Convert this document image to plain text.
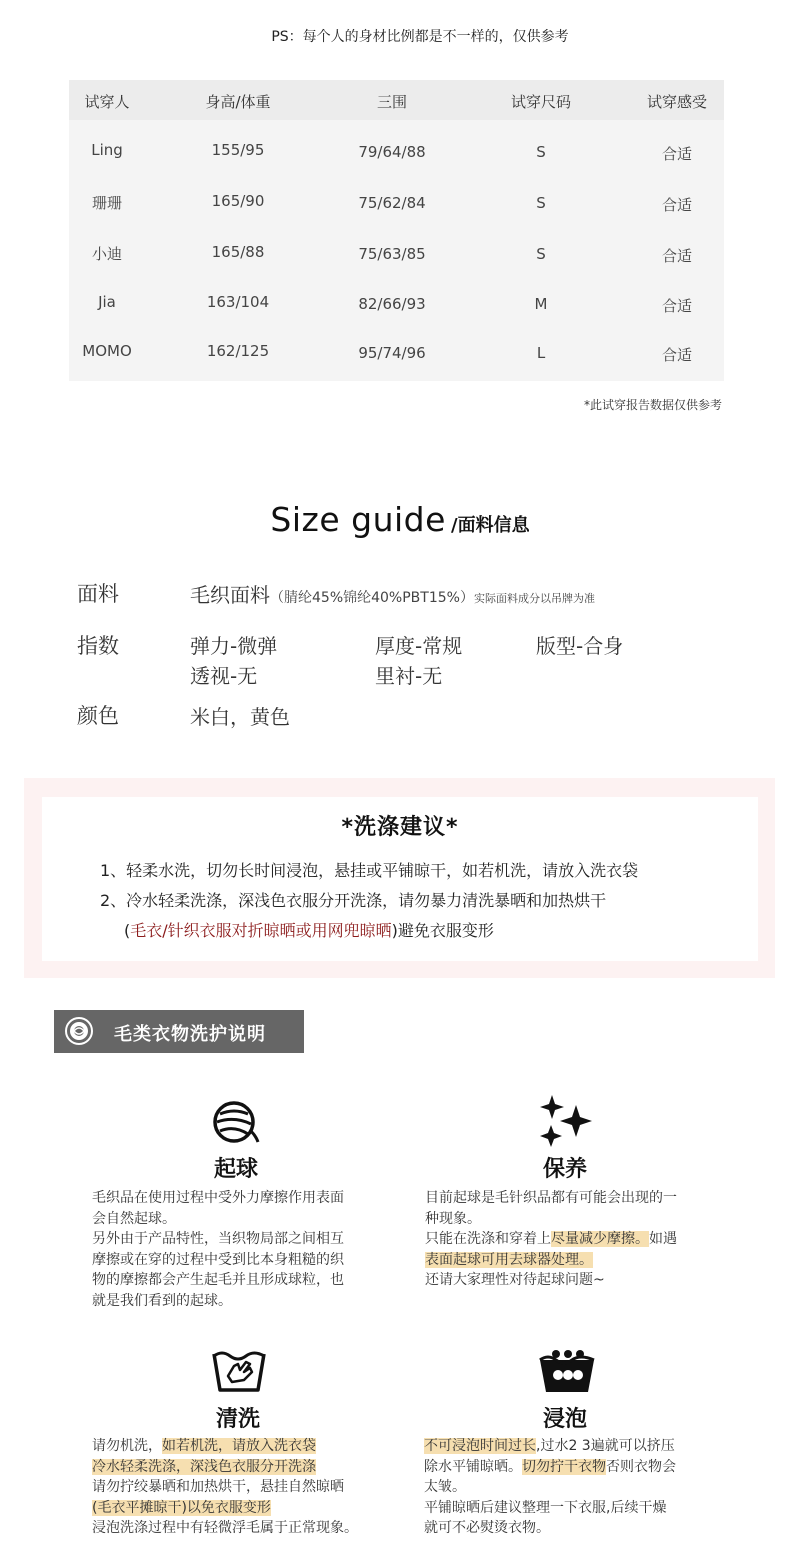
PS：每个人的身材比例都是不一样的，仅供参考
试穿人	身高/体重	三围	试穿尺码	试穿感受
Ling	155/95	79/64/88	S	合适
珊珊	165/90	75/62/84	S	合适
小迪	165/88	75/63/85	S	合适
Jia	163/104	82/66/93	M	合适
MOMO	162/125	95/74/96	L	合适
*此试穿报告数据仅供参考
Size guide /面料信息
面料	毛织面料（腈纶45%锦纶40%PBT15%）实际面料成分以吊牌为准
指数	弹力-微弹	厚度-常规	版型-合身
透视-无	里衬-无
颜色	米白，黄色
*洗涤建议*
1、轻柔水洗，切勿长时间浸泡，悬挂或平铺晾干，如若机洗，请放入洗衣袋
2、冷水轻柔洗涤，深浅色衣服分开洗涤，请勿暴力清洗暴晒和加热烘干
(毛衣/针织衣服对折晾晒或用网兜晾晒)避免衣服变形
毛类衣物洗护说明
起球
毛织品在使用过程中受外力摩擦作用表面
会自然起球。
另外由于产品特性，当织物局部之间相互
摩擦或在穿的过程中受到比本身粗糙的织
物的摩擦都会产生起毛并且形成球粒，也
就是我们看到的起球。
保养
目前起球是毛针织品都有可能会出现的一
种现象。
只能在洗涤和穿着上尽量减少摩擦。如遇
表面起球可用去球器处理。
还请大家理性对待起球问题~
清洗
请勿机洗，如若机洗，请放入洗衣袋
冷水轻柔洗涤，深浅色衣服分开洗涤
请勿拧绞暴晒和加热烘干，悬挂自然晾晒
(毛衣平摊晾干)以免衣服变形
浸泡洗涤过程中有轻微浮毛属于正常现象。
浸泡
不可浸泡时间过长,过水2 3遍就可以挤压
除水平铺晾晒。切勿拧干衣物否则衣物会
太皱。
平铺晾晒后建议整理一下衣服,后续干燥
就可不必熨烫衣物。
